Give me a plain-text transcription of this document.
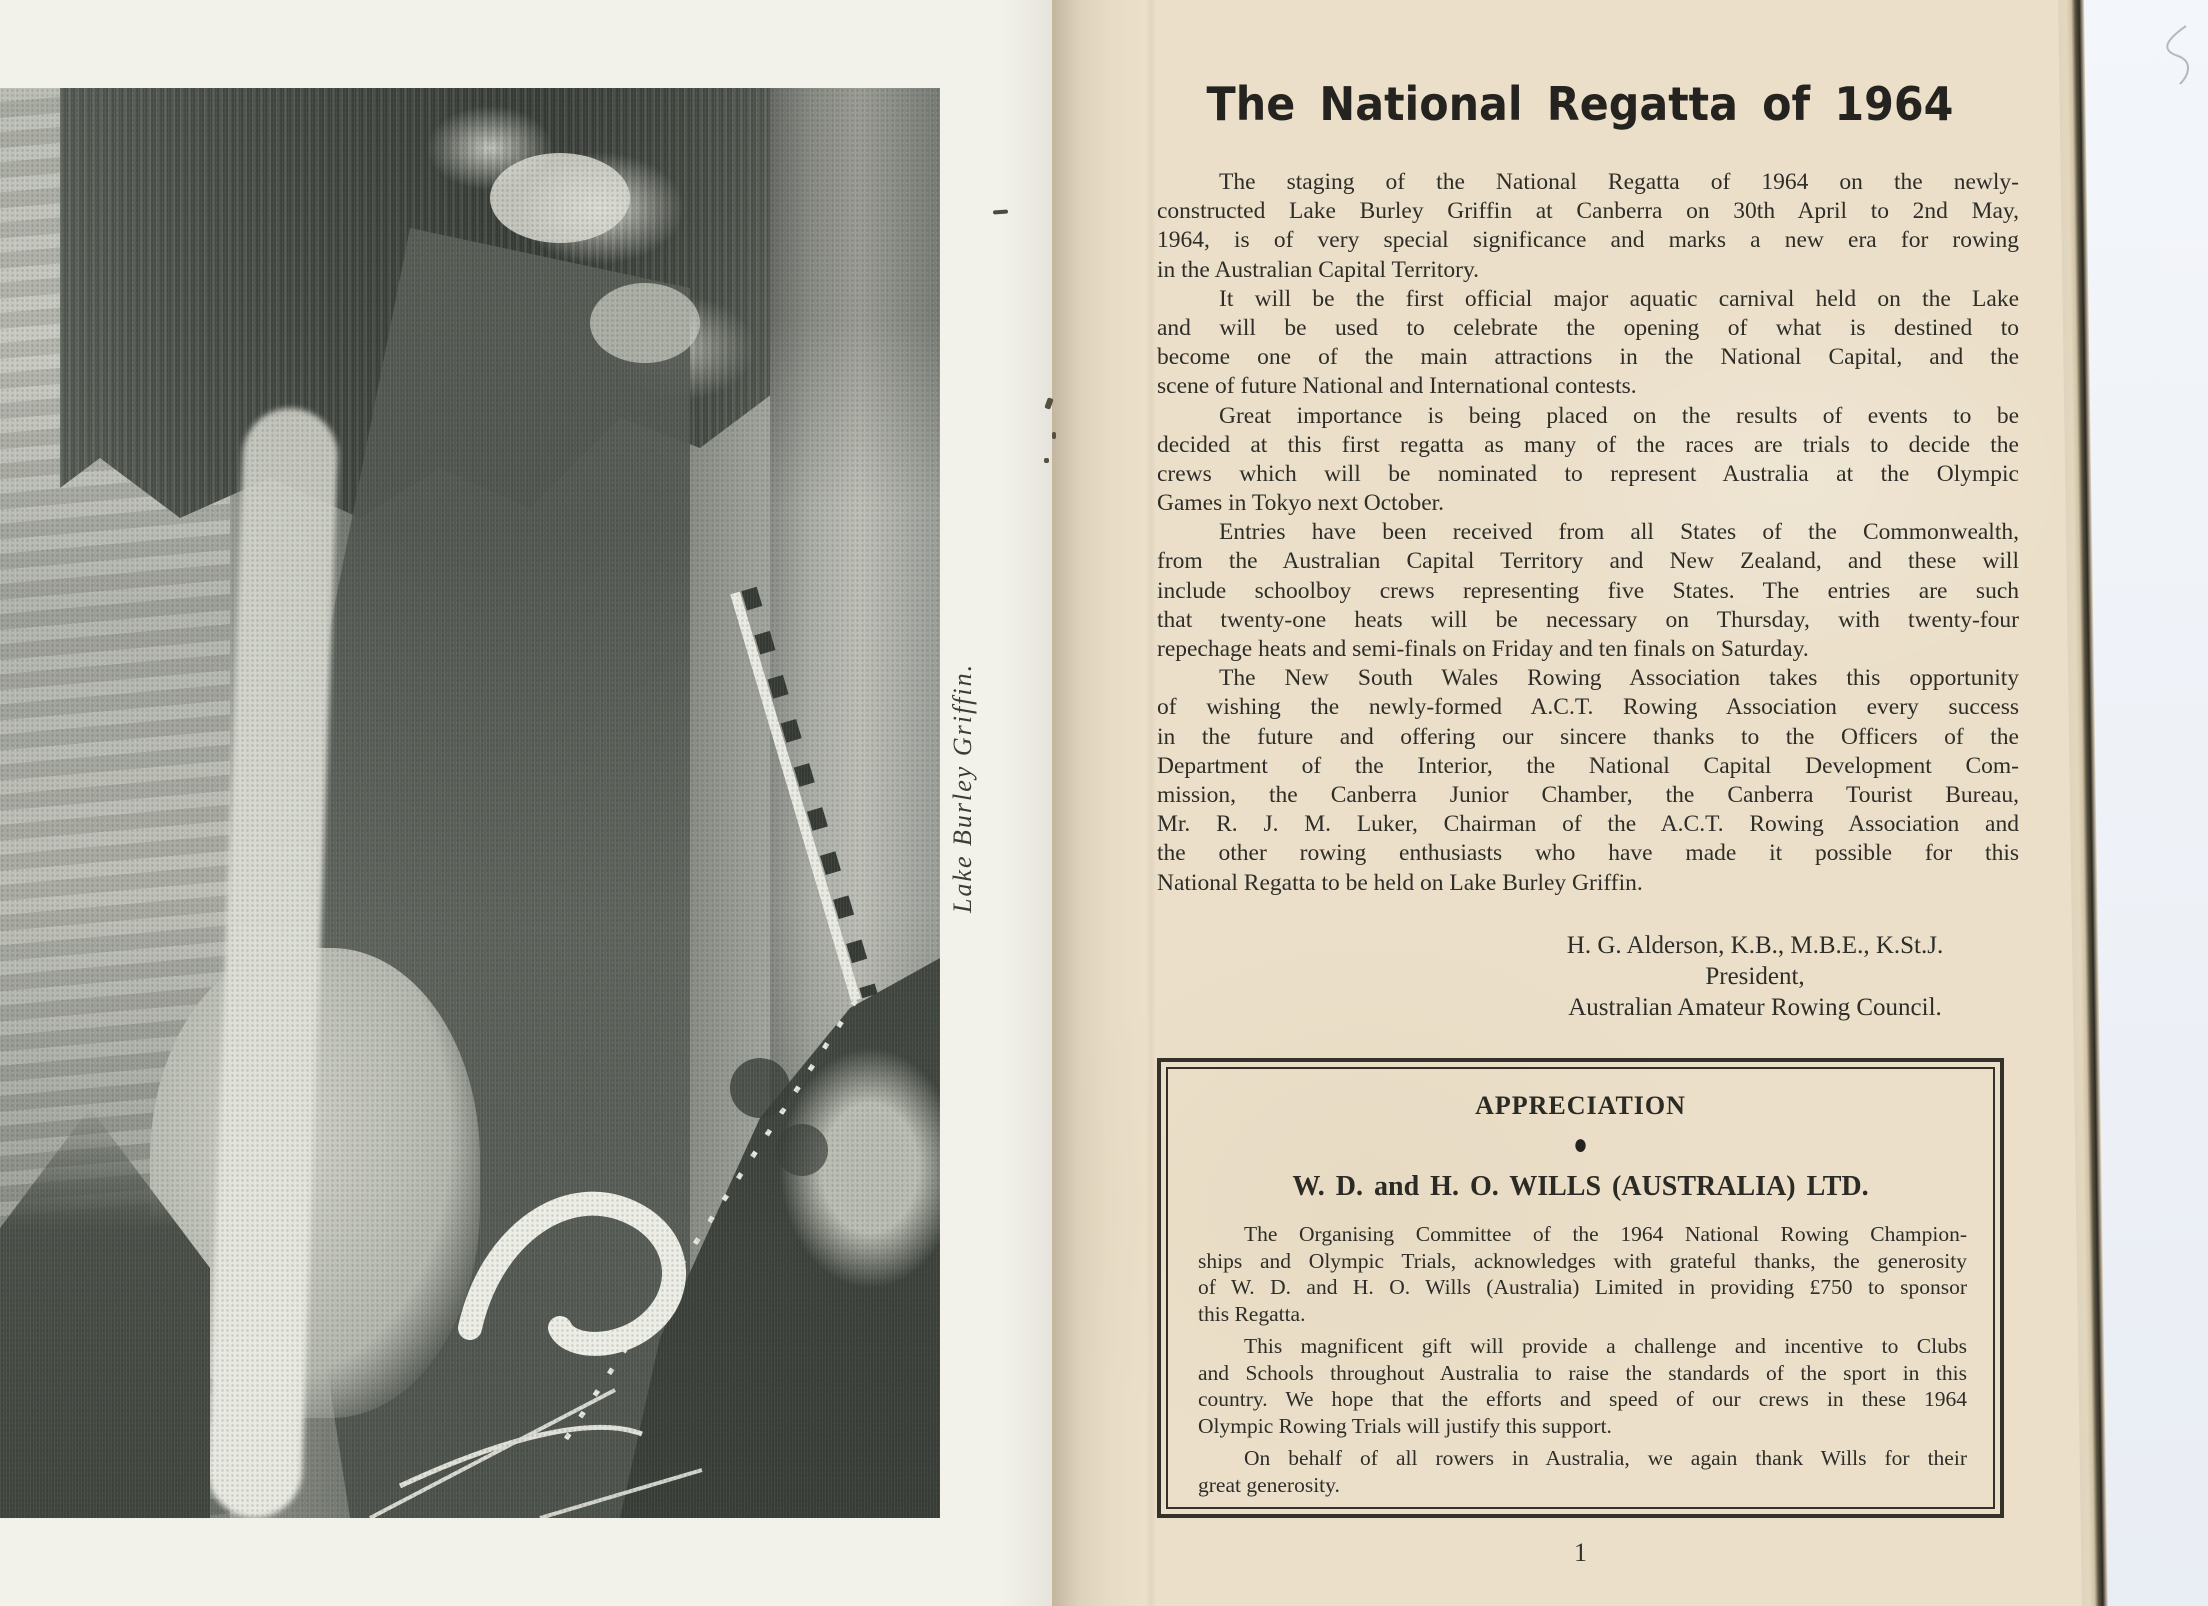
Lake Burley Griffin.
The National Regatta of 1964
The staging of the National Regatta of 1964 on the newly-
constructed Lake Burley Griffin at Canberra on 30th April to 2nd May,
1964, is of very special significance and marks a new era for rowing
in the Australian Capital Territory.
It will be the first official major aquatic carnival held on the Lake
and will be used to celebrate the opening of what is destined to
become one of the main attractions in the National Capital, and the
scene of future National and International contests.
Great importance is being placed on the results of events to be
decided at this first regatta as many of the races are trials to decide the
crews which will be nominated to represent Australia at the Olympic
Games in Tokyo next October.
Entries have been received from all States of the Commonwealth,
from the Australian Capital Territory and New Zealand, and these will
include schoolboy crews representing five States. The entries are such
that twenty-one heats will be necessary on Thursday, with twenty-four
repechage heats and semi-finals on Friday and ten finals on Saturday.
The New South Wales Rowing Association takes this opportunity
of wishing the newly-formed A.C.T. Rowing Association every success
in the future and offering our sincere thanks to the Officers of the
Department of the Interior, the National Capital Development Com-
mission, the Canberra Junior Chamber, the Canberra Tourist Bureau,
Mr. R. J. M. Luker, Chairman of the A.C.T. Rowing Association and
the other rowing enthusiasts who have made it possible for this
National Regatta to be held on Lake Burley Griffin.
H. G. Alderson, K.B., M.B.E., K.St.J.
President,
Australian Amateur Rowing Council.
APPRECIATION
●
W. D. and H. O. WILLS (AUSTRALIA) LTD.
The Organising Committee of the 1964 National Rowing Champion-
ships and Olympic Trials, acknowledges with grateful thanks, the generosity
of W. D. and H. O. Wills (Australia) Limited in providing £750 to sponsor
this Regatta.
This magnificent gift will provide a challenge and incentive to Clubs
and Schools throughout Australia to raise the standards of the sport in this
country. We hope that the efforts and speed of our crews in these 1964
Olympic Rowing Trials will justify this support.
On behalf of all rowers in Australia, we again thank Wills for their
great generosity.
1
